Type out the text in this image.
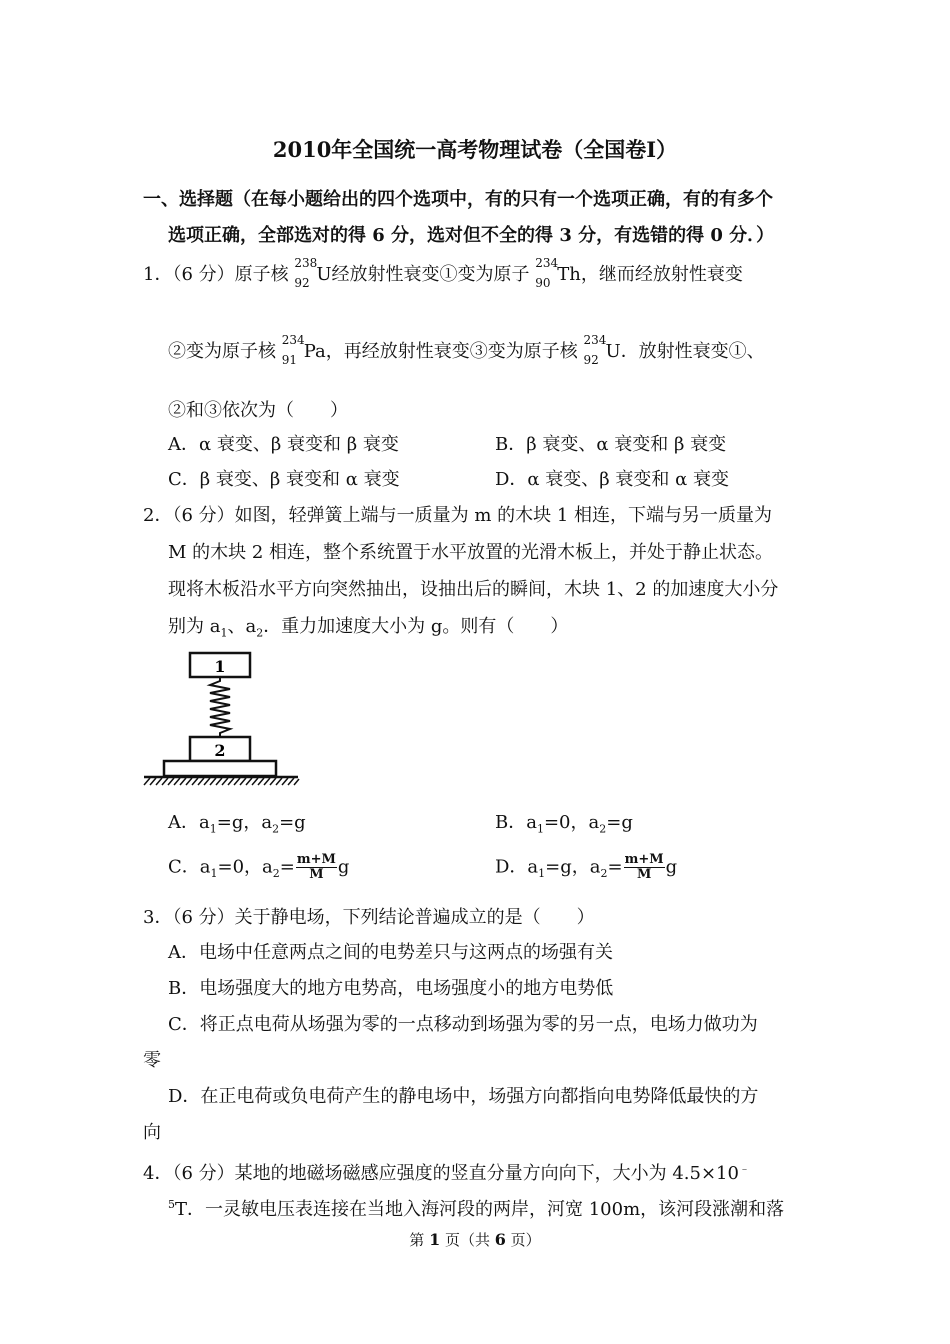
2010年全国统一高考物理试卷（全国卷Ⅰ）
一、选择题（在每小题给出的四个选项中，有的只有一个选项正确，有的有多个
选项正确，全部选对的得 6 分，选对但不全的得 3 分，有选错的得 0 分．）
1．（6 分）原子核
238
92 U经放射性衰变①变为原子
234
90 Th，继而经放射性衰变
②变为原子核
234
91 Pa，再经放射性衰变③变为原子核
234
92 U．放射性衰变①、
②和③依次为（　　）
A．α 衰变、β 衰变和 β 衰变	B．β 衰变、α 衰变和 β 衰变
C．β 衰变、β 衰变和 α 衰变	D．α 衰变、β 衰变和 α 衰变
2．（6 分）如图，轻弹簧上端与一质量为 m 的木块 1 相连，下端与另一质量为
M 的木块 2 相连，整个系统置于水平放置的光滑木板上，并处于静止状态。
现将木板沿水平方向突然抽出，设抽出后的瞬间，木块 1、2 的加速度大小分
别为 $a_1$、$a_2$．重力加速度大小为 g。则有（　　）
1
2
A．$a_1=g$，$a_2=g$	B．$a_1=0$，$a_2=g$
C．$a_1=0$，$a_2= \frac{m+M}{M}$ g	D．$a_1=g$，$a_2= \frac{m+M}{M}$ g
3．（6 分）关于静电场，下列结论普遍成立的是（　　）
A．电场中任意两点之间的电势差只与这两点的场强有关
B．电场强度大的地方电势高，电场强度小的地方电势低
C．将正点电荷从场强为零的一点移动到场强为零的另一点，电场力做功为
零
D．在正电荷或负电荷产生的静电场中，场强方向都指向电势降低最快的方
向
4．（6 分）某地的地磁场磁感应强度的竖直分量方向向下，大小为 4.5×10﹣
$^5$T．一灵敏电压表连接在当地入海河段的两岸，河宽 100m，该河段涨潮和落
第 1 页（共 6 页）
